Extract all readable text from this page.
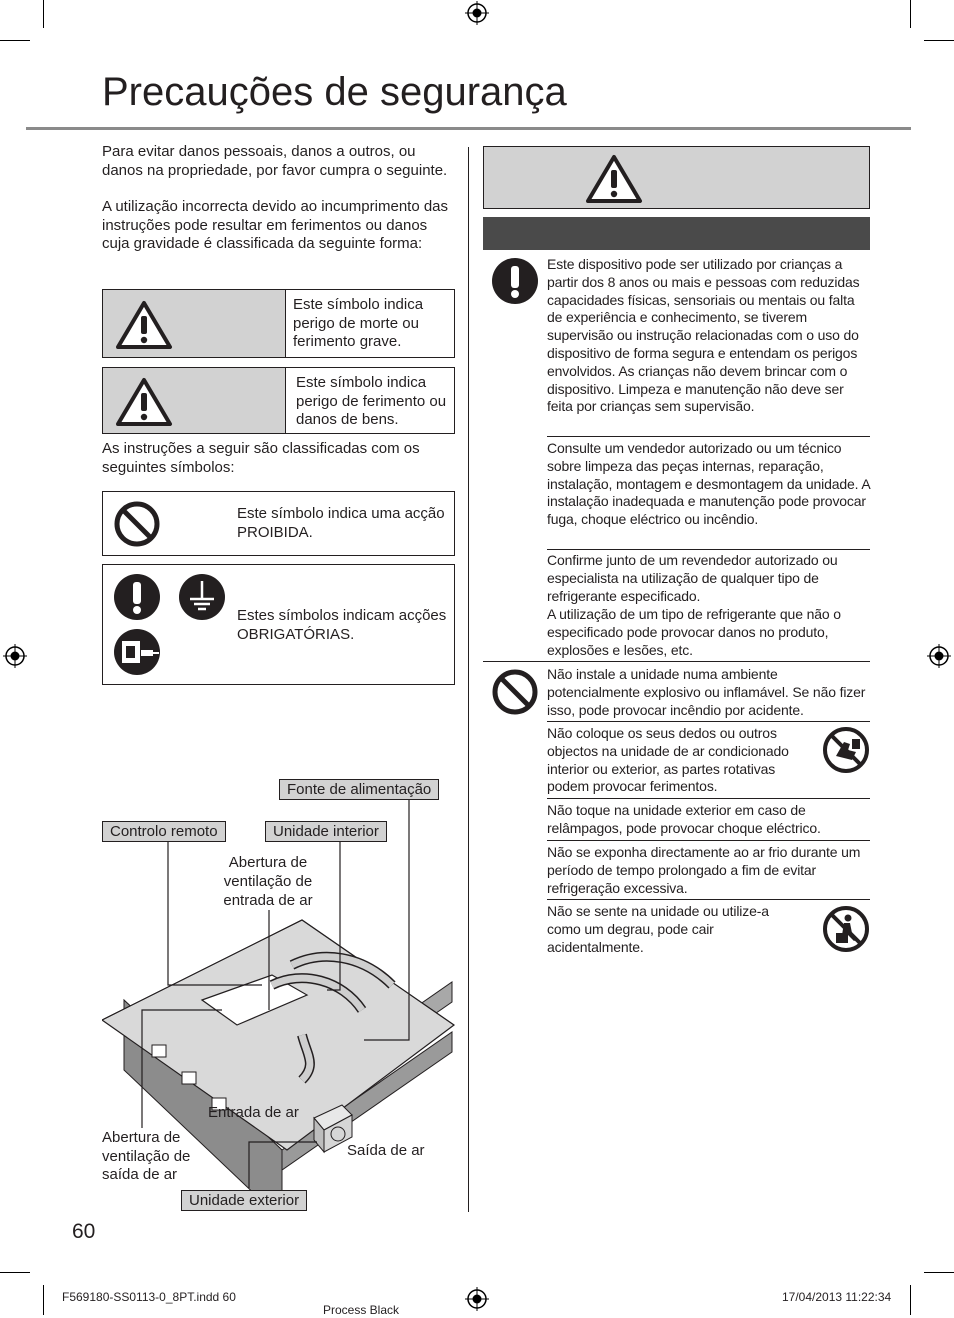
Precauções de segurança
Para evitar danos pessoais, danos a outros, ou danos na propriedade, por favor cumpra o seguinte.
A utilização incorrecta devido ao incumprimento das instruções pode resultar em ferimentos ou danos cuja gravidade é classificada da seguinte forma:
Este símbolo indica perigo de morte ou ferimento grave.
Este símbolo indica perigo de ferimento ou danos de bens.
As instruções a seguir são classificadas com os seguintes símbolos:
Este símbolo indica uma acção PROIBIDA.
Estes símbolos indicam acções OBRIGATÓRIAS.
Fonte de alimentação
Controlo remoto	Unidade interior
Abertura de ventilação de entrada de ar
Entrada de ar
Abertura de ventilação de saída de ar
Saída de ar
Unidade exterior
Este dispositivo pode ser utilizado por crianças a partir dos 8 anos ou mais e pessoas com reduzidas capacidades físicas, sensoriais ou mentais ou falta de experiência e conhecimento, se tiverem supervisão ou instrução relacionadas com o uso do dispositivo de forma segura e entendam os perigos envolvidos. As crianças não devem brincar com o dispositivo. Limpeza e manutenção não deve ser feita por crianças sem supervisão.
Consulte um vendedor autorizado ou um técnico sobre limpeza das peças internas, reparação, instalação, montagem e desmontagem da unidade. A instalação inadequada e manutenção pode provocar fuga, choque eléctrico ou incêndio.
Confirme junto de um revendedor autorizado ou especialista na utilização de qualquer tipo de refrigerante especificado.
A utilização de um tipo de refrigerante que não o especificado pode provocar danos no produto, explosões e lesões, etc.
Não instale a unidade numa ambiente potencialmente explosivo ou inflamável. Se não fizer isso, pode provocar incêndio por acidente.
Não coloque os seus dedos ou outros objectos na unidade de ar condicionado interior ou exterior, as partes rotativas podem provocar ferimentos.
Não toque na unidade exterior em caso de relâmpagos, pode provocar choque eléctrico.
Não se exponha directamente ao ar frio durante um período de tempo prolongado a fim de evitar refrigeração excessiva.
Não se sente na unidade ou utilize-a como um degrau, pode cair acidentalmente.
60
F569180-SS0113-0_8PT.indd 60
Process Black
17/04/2013 11:22:34
